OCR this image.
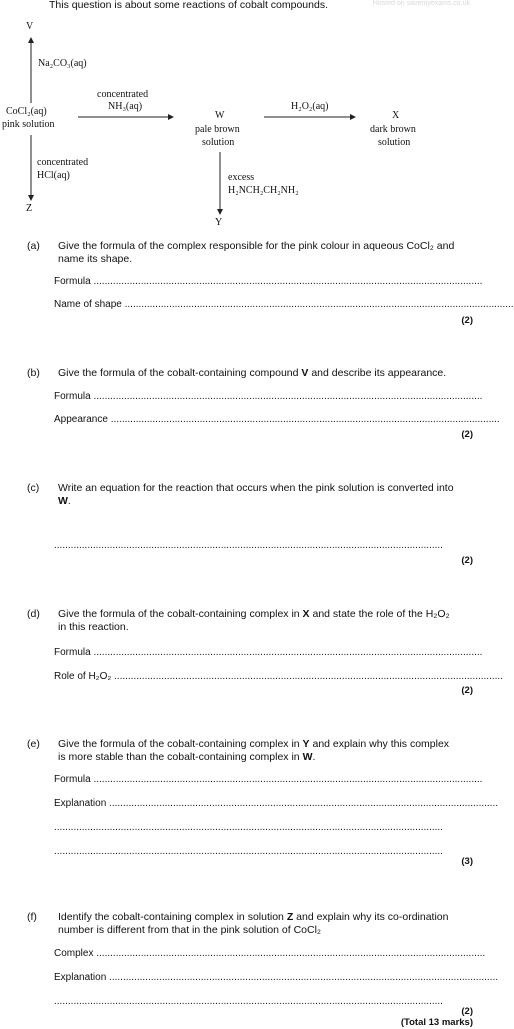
This question is about some reactions of cobalt compounds.	Hosted on savemyexams.co.uk
V
Na₂CO₃(aq)
CoCl₂(aq)
pink solution
concentrated
NH₃(aq)
W
pale brown
solution
H₂O₂(aq)
X
dark brown
solution
concentrated
HCl(aq)	excess
H₂NCH₂CH₂NH₂
Z
Y
(a) Give the formula of the complex responsible for the pink colour in aqueous CoCl₂ and name its shape.
Formula ............................................................................................................................................
Name of shape ............................................................................................................................................
(2)
(b) Give the formula of the cobalt-containing compound V and describe its appearance.
Formula ............................................................................................................................................
Appearance ............................................................................................................................................
(2)
(c) Write an equation for the reaction that occurs when the pink solution is converted into W.
............................................................................................................................................
(2)
(d) Give the formula of the cobalt-containing complex in X and state the role of the H₂O₂ in this reaction.
Formula ............................................................................................................................................
Role of H₂O₂ ............................................................................................................................................
(2)
(e) Give the formula of the cobalt-containing complex in Y and explain why this complex is more stable than the cobalt-containing complex in W.
Formula ............................................................................................................................................
Explanation ............................................................................................................................................
............................................................................................................................................
............................................................................................................................................
(3)
(f) Identify the cobalt-containing complex in solution Z and explain why its co-ordination number is different from that in the pink solution of CoCl₂
Complex ............................................................................................................................................
Explanation ............................................................................................................................................
............................................................................................................................................
(2)
(Total 13 marks)
